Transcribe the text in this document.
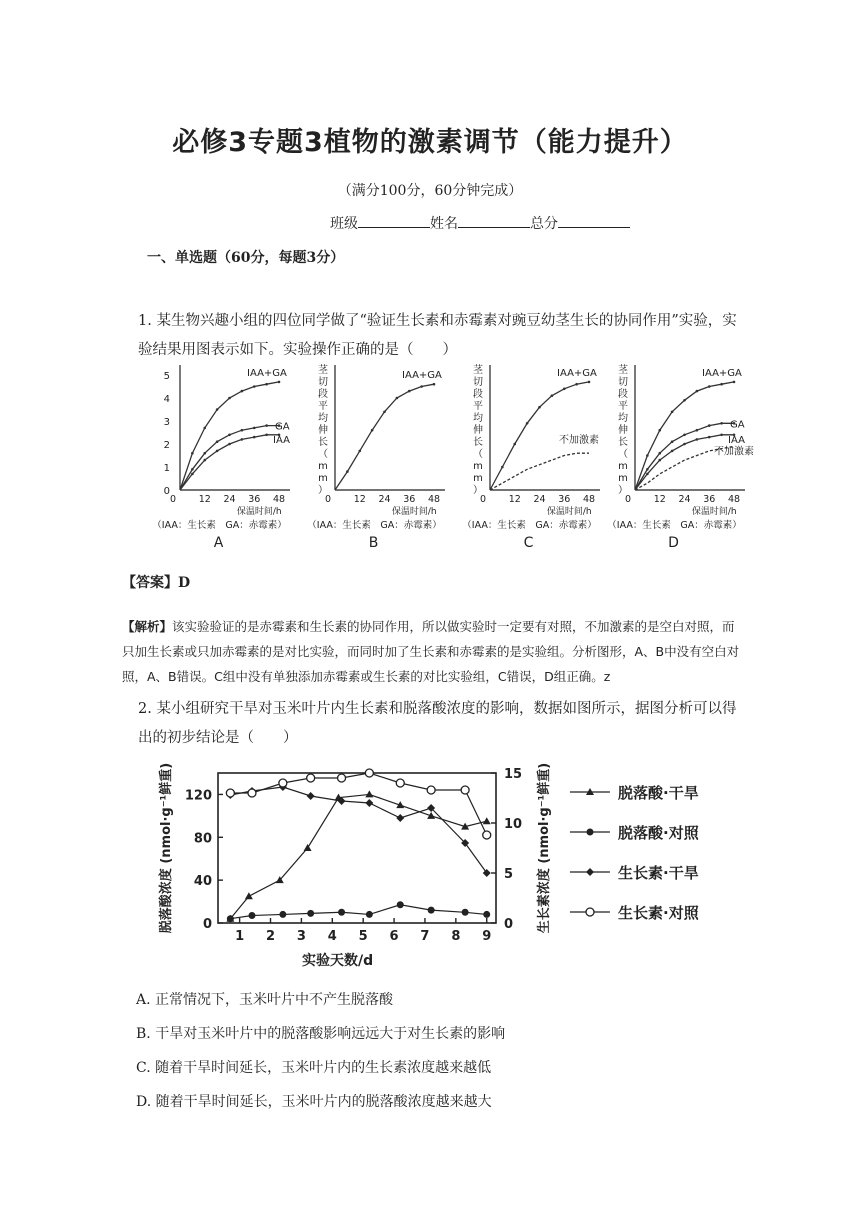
必修3专题3植物的激素调节（能力提升）
（满分100分，60分钟完成）
班级	姓名	总分
一、单选题（60分，每题3分）
1. 某生物兴趣小组的四位同学做了“验证生长素和赤霉素对豌豆幼茎生长的协同作用”实验，实验结果用图表示如下。实验操作正确的是（　　）
0
1
2
3
4
5
0 12 24 36 48
保温时间/h
（IAA：生长素　GA：赤霉素）
A
IAA+GA
GA
IAA
茎
切
段
平
均
伸
长
（
m
m
）
0 12 24 36 48
保温时间/h
（IAA：生长素　GA：赤霉素）
B
IAA+GA	茎
切
段
平
均
伸
长
（
m
m
）
0 12 24 36 48
保温时间/h
（IAA：生长素　GA：赤霉素）
C
IAA+GA
不加激素
茎
切
段
平
均
伸
长
（
m
m
）
0 12 24 36 48
保温时间/h
（IAA：生长素　GA：赤霉素）
D
IAA+GA
GA
IAA
不加激素
【答案】D
【解析】该实验验证的是赤霉素和生长素的协同作用，所以做实验时一定要有对照，不加激素的是空白对照，而只加生长素或只加赤霉素的是对比实验，而同时加了生长素和赤霉素的是实验组。分析图形，A、B中没有空白对照，A、B错误。C组中没有单独添加赤霉素或生长素的对比实验组，C错误，D组正确。z
2. 某小组研究干旱对玉米叶片内生长素和脱落酸浓度的影响，数据如图所示，据图分析可以得出的初步结论是（　　）
0
40
80
120
0
5
10
15
1 2 3 4 5 6 7 8 9
实验天数/d
脱落酸浓度 (nmol·g⁻¹鲜重)	生长素浓度 (nmol·g⁻¹鲜重)	脱落酸·干旱
脱落酸·对照
生长素·干旱
生长素·对照
A. 正常情况下，玉米叶片中不产生脱落酸
B. 干旱对玉米叶片中的脱落酸影响远远大于对生长素的影响
C. 随着干旱时间延长，玉米叶片内的生长素浓度越来越低
D. 随着干旱时间延长，玉米叶片内的脱落酸浓度越来越大
